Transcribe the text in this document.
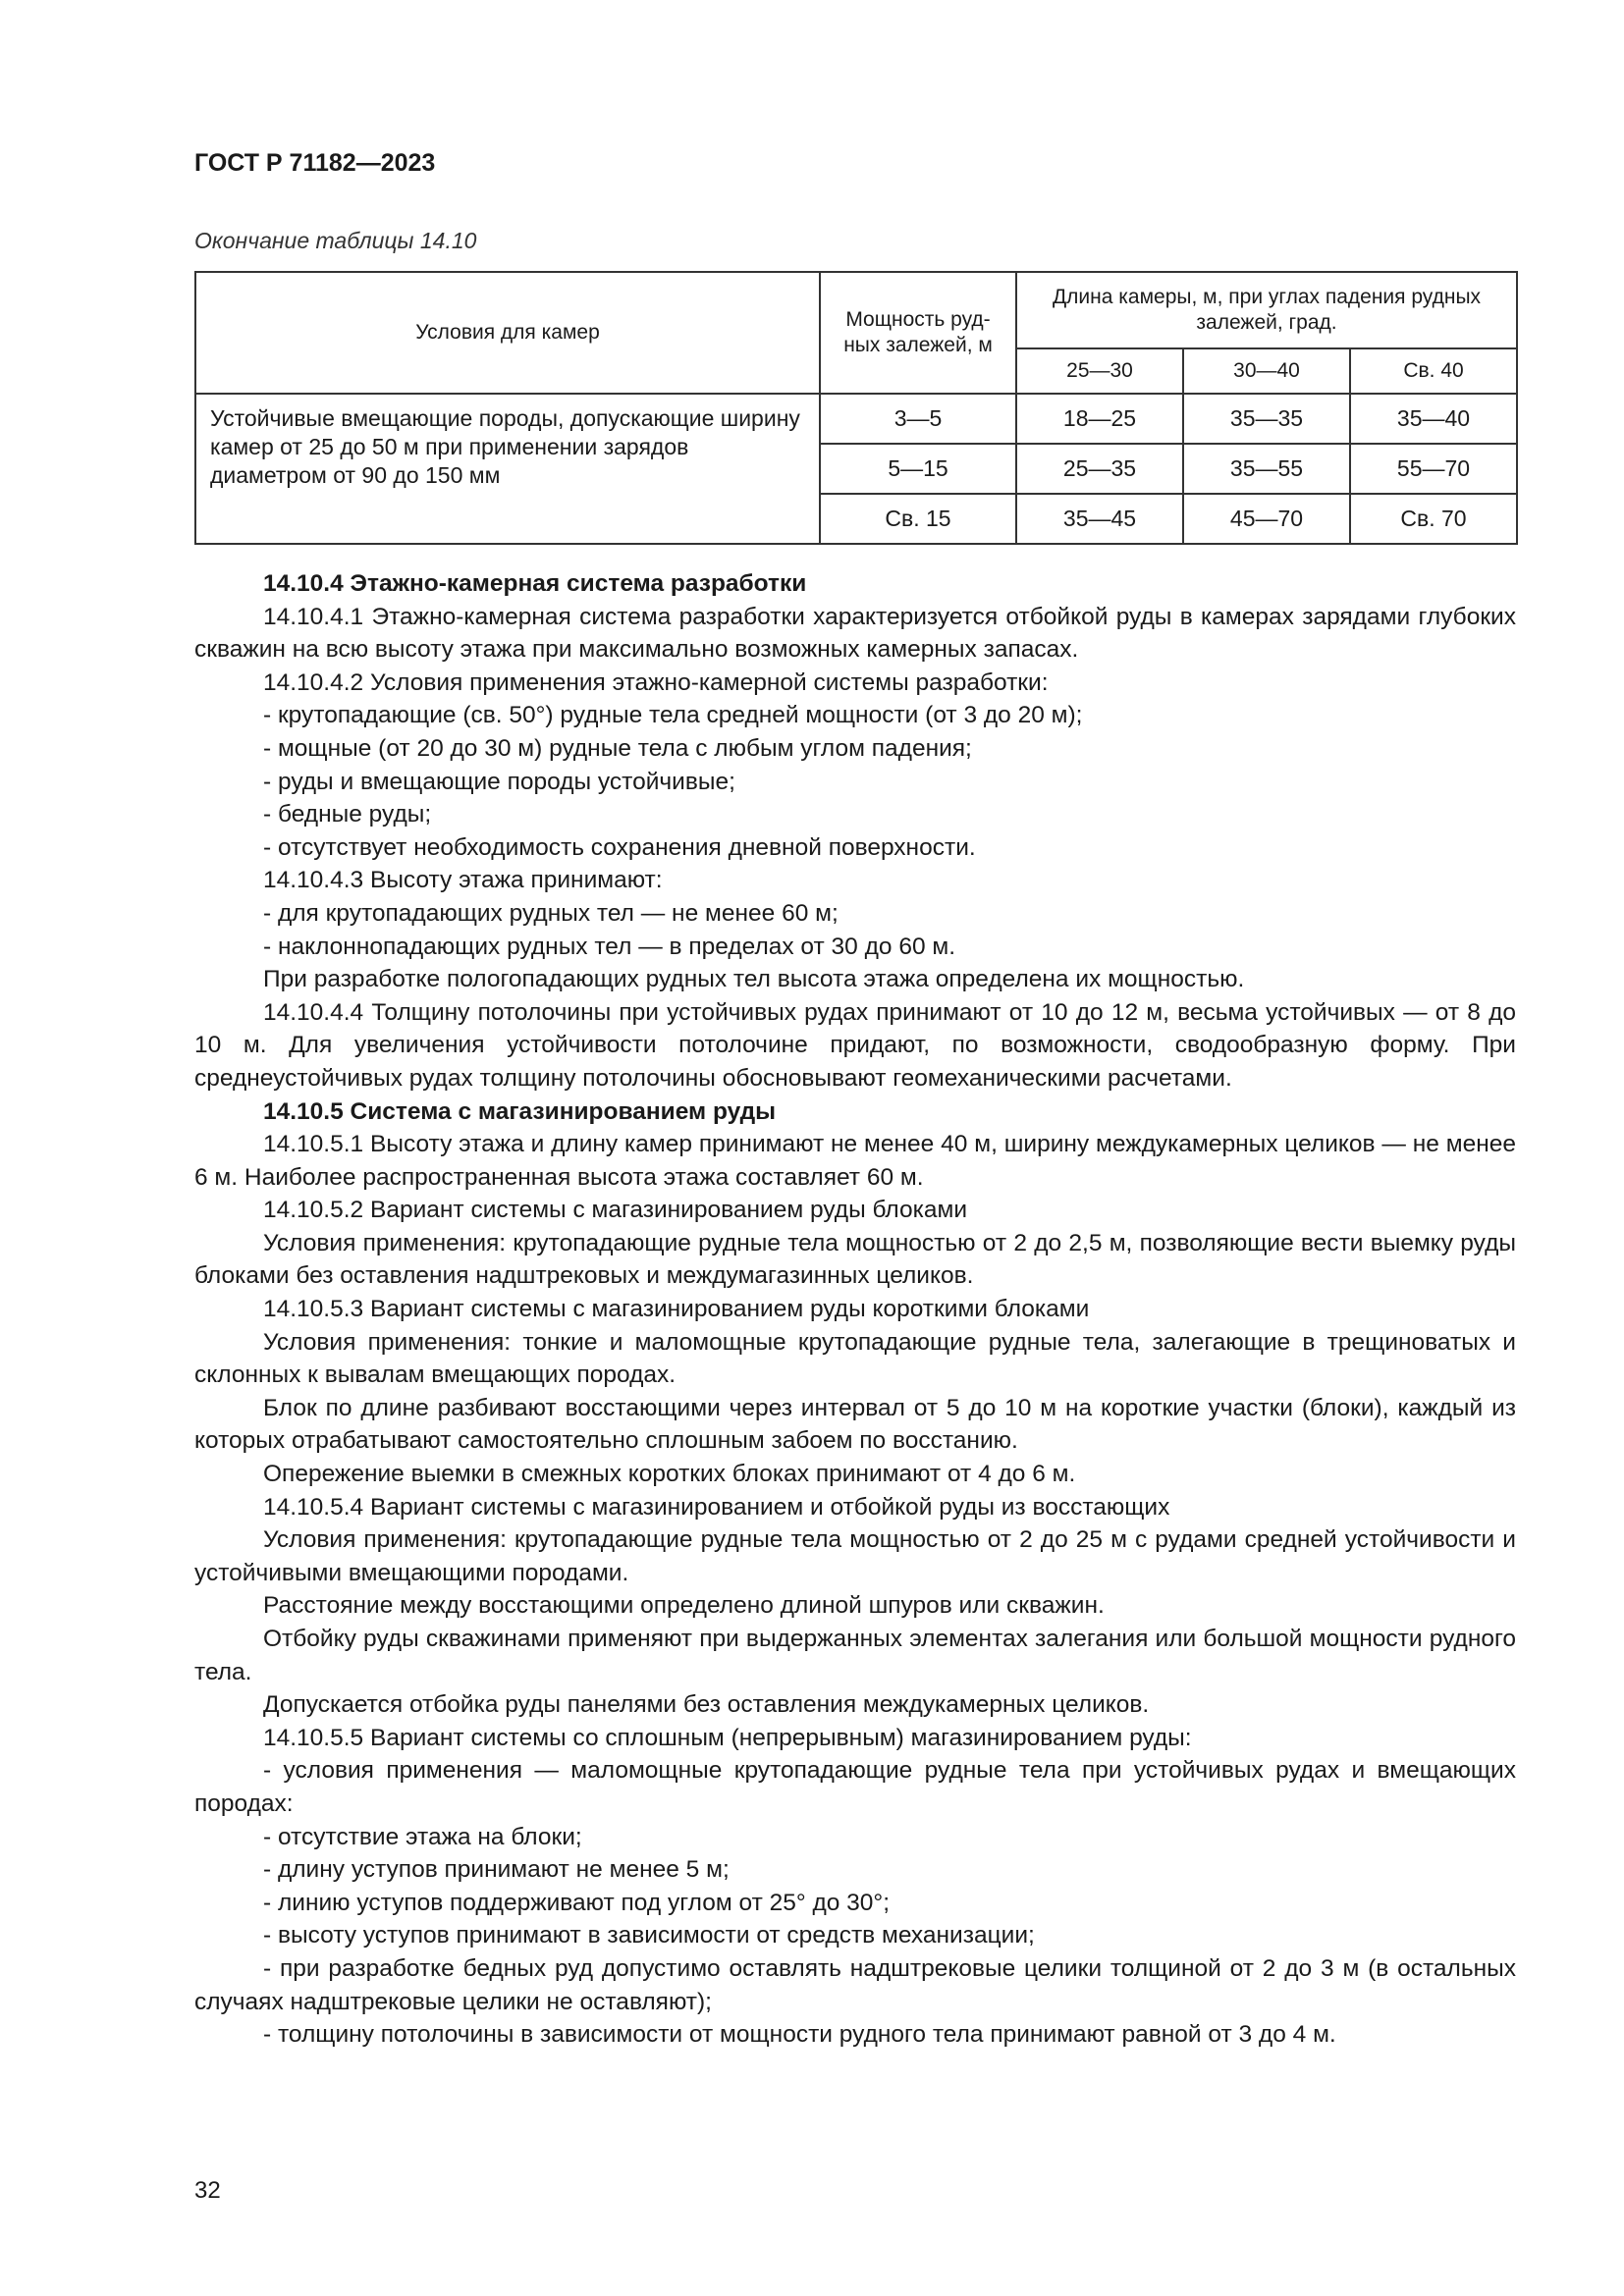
ГОСТ Р 71182—2023
Окончание таблицы 14.10
Условия для камер	Мощность руд-ных залежей, м	Длина камеры, м, при углах падения рудных залежей, град.		
		25—30	30—40	Св. 40
Устойчивые вмещающие породы, допускающие ширину камер от 25 до 50 м при применении зарядов диаметром от 90 до 150 мм	3—5	18—25	35—35	35—40
	5—15	25—35	35—55	55—70
	Св. 15	35—45	45—70	Св. 70

14.10.4 Этажно-камерная система разработки

14.10.4.1 Этажно-камерная система разработки характеризуется отбойкой руды в камерах зарядами глубоких скважин на всю высоту этажа при максимально возможных камерных запасах.

14.10.4.2 Условия применения этажно-камерной системы разработки:

- крутопадающие (св. 50°) рудные тела средней мощности (от 3 до 20 м);

- мощные (от 20 до 30 м) рудные тела с любым углом падения;

- руды и вмещающие породы устойчивые;

- бедные руды;

- отсутствует необходимость сохранения дневной поверхности.

14.10.4.3 Высоту этажа принимают:

- для крутопадающих рудных тел — не менее 60 м;

- наклоннопадающих рудных тел — в пределах от 30 до 60 м.

При разработке пологопадающих рудных тел высота этажа определена их мощностью.

14.10.4.4 Толщину потолочины при устойчивых рудах принимают от 10 до 12 м, весьма устойчивых — от 8 до 10 м. Для увеличения устойчивости потолочине придают, по возможности, сводообразную форму. При среднеустойчивых рудах толщину потолочины обосновывают геомеханическими расчетами.

14.10.5 Система с магазинированием руды

14.10.5.1 Высоту этажа и длину камер принимают не менее 40 м, ширину междукамерных целиков — не менее 6 м. Наиболее распространенная высота этажа составляет 60 м.

14.10.5.2 Вариант системы с магазинированием руды блоками

Условия применения: крутопадающие рудные тела мощностью от 2 до 2,5 м, позволяющие вести выемку руды блоками без оставления надштрековых и междумагазинных целиков.

14.10.5.3 Вариант системы с магазинированием руды короткими блоками

Условия применения: тонкие и маломощные крутопадающие рудные тела, залегающие в трещиноватых и склонных к вывалам вмещающих породах.

Блок по длине разбивают восстающими через интервал от 5 до 10 м на короткие участки (блоки), каждый из которых отрабатывают самостоятельно сплошным забоем по восстанию.

Опережение выемки в смежных коротких блоках принимают от 4 до 6 м.

14.10.5.4 Вариант системы с магазинированием и отбойкой руды из восстающих

Условия применения: крутопадающие рудные тела мощностью от 2 до 25 м с рудами средней устойчивости и устойчивыми вмещающими породами.

Расстояние между восстающими определено длиной шпуров или скважин.

Отбойку руды скважинами применяют при выдержанных элементах залегания или большой мощности рудного тела.

Допускается отбойка руды панелями без оставления междукамерных целиков.

14.10.5.5 Вариант системы со сплошным (непрерывным) магазинированием руды:

- условия применения — маломощные крутопадающие рудные тела при устойчивых рудах и вмещающих породах:

- отсутствие этажа на блоки;

- длину уступов принимают не менее 5 м;

- линию уступов поддерживают под углом от 25° до 30°;

- высоту уступов принимают в зависимости от средств механизации;

- при разработке бедных руд допустимо оставлять надштрековые целики толщиной от 2 до 3 м (в остальных случаях надштрековые целики не оставляют);

- толщину потолочины в зависимости от мощности рудного тела принимают равной от 3 до 4 м.

32
